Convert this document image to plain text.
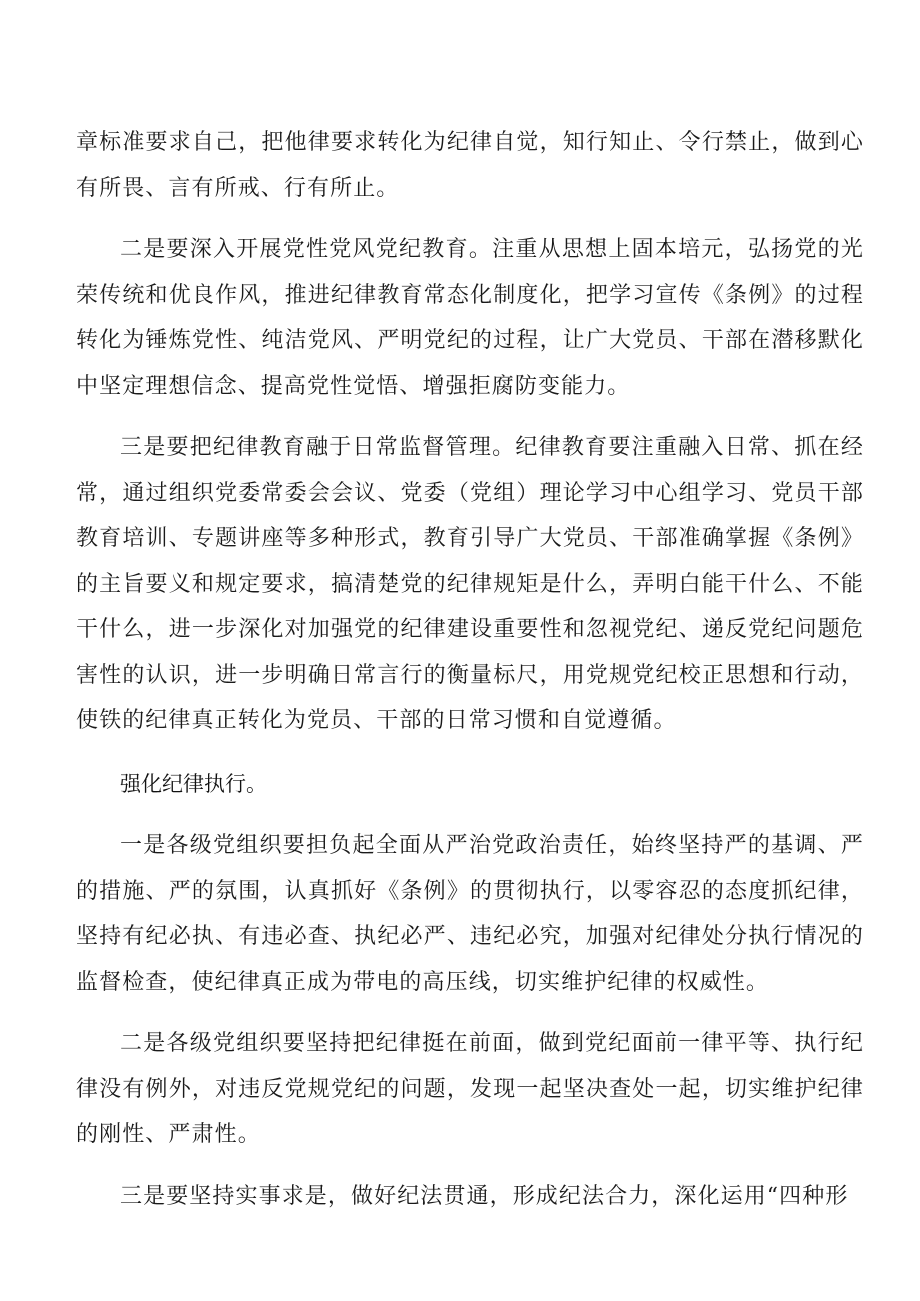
章标准要求自己，把他律要求转化为纪律自觉，知行知止、令行禁止，做到心有所畏、言有所戒、行有所止。

二是要深入开展党性党风党纪教育。注重从思想上固本培元，弘扬党的光荣传统和优良作风，推进纪律教育常态化制度化，把学习宣传《条例》的过程转化为锤炼党性、纯洁党风、严明党纪的过程，让广大党员、干部在潜移默化中坚定理想信念、提高党性觉悟、增强拒腐防变能力。

三是要把纪律教育融于日常监督管理。纪律教育要注重融入日常、抓在经常，通过组织党委常委会会议、党委（党组）理论学习中心组学习、党员干部教育培训、专题讲座等多种形式，教育引导广大党员、干部准确掌握《条例》的主旨要义和规定要求，搞清楚党的纪律规矩是什么，弄明白能干什么、不能干什么，进一步深化对加强党的纪律建设重要性和忽视党纪、递反党纪问题危害性的认识，进一步明确日常言行的衡量标尺，用党规党纪校正思想和行动，使铁的纪律真正转化为党员、干部的日常习惯和自觉遵循。

强化纪律执行。

一是各级党组织要担负起全面从严治党政治责任，始终坚持严的基调、严的措施、严的氛围，认真抓好《条例》的贯彻执行，以零容忍的态度抓纪律，坚持有纪必执、有违必查、执纪必严、违纪必究，加强对纪律处分执行情况的监督检查，使纪律真正成为带电的高压线，切实维护纪律的权威性。

二是各级党组织要坚持把纪律挺在前面，做到党纪面前一律平等、执行纪律没有例外，对违反党规党纪的问题，发现一起坚决查处一起，切实维护纪律的刚性、严肃性。

三是要坚持实事求是，做好纪法贯通，形成纪法合力，深化运用“四种形
